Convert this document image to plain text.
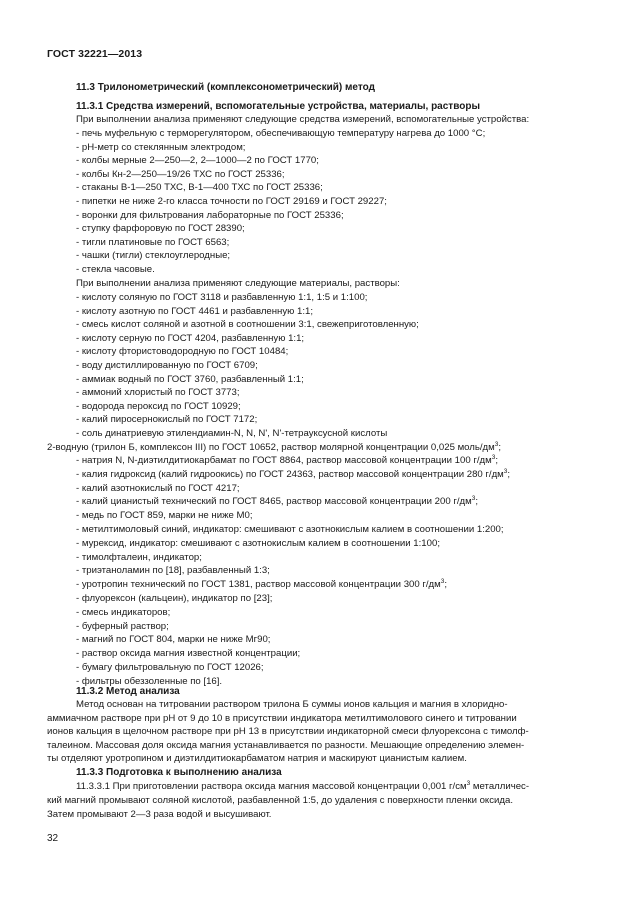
ГОСТ 32221—2013
11.3 Трилонометрический (комплексонометрический) метод
11.3.1 Средства измерений, вспомогательные устройства, материалы, растворы
При выполнении анализа применяют следующие средства измерений, вспомогательные устройства:
- печь муфельную с терморегулятором, обеспечивающую температуру нагрева до 1000 °С;
- рН-метр со стеклянным электродом;
- колбы мерные 2—250—2, 2—1000—2 по ГОСТ 1770;
- колбы Кн-2—250—19/26 ТХС по ГОСТ 25336;
- стаканы В-1—250 ТХС, В-1—400 ТХС по ГОСТ 25336;
- пипетки не ниже 2-го класса точности по ГОСТ 29169 и ГОСТ 29227;
- воронки для фильтрования лабораторные по ГОСТ 25336;
- ступку фарфоровую по ГОСТ 28390;
- тигли платиновые по ГОСТ 6563;
- чашки (тигли) стеклоуглеродные;
- стекла часовые.
При выполнении анализа применяют следующие материалы, растворы:
- кислоту соляную по ГОСТ 3118 и разбавленную 1:1, 1:5 и 1:100;
- кислоту азотную по ГОСТ 4461 и разбавленную 1:1;
- смесь кислот соляной и азотной в соотношении 3:1, свежеприготовленную;
- кислоту серную по ГОСТ 4204, разбавленную 1:1;
- кислоту фтористоводородную по ГОСТ 10484;
- воду дистиллированную по ГОСТ 6709;
- аммиак водный по ГОСТ 3760, разбавленный 1:1;
- аммоний хлористый по ГОСТ 3773;
- водорода пероксид по ГОСТ 10929;
- калий пиросернокислый по ГОСТ 7172;
- соль динатриевую этилендиамин-N, N, N', N'-тетрауксусной кислоты
2-водную (трилон Б, комплексон III) по ГОСТ 10652, раствор молярной концентрации 0,025 моль/$дм^3$;
- натрия N, N-диэтилдитиокарбамат по ГОСТ 8864, раствор массовой концентрации 100 $г/дм^3$;
- калия гидроксид (калий гидроокись) по ГОСТ 24363, раствор массовой концентрации 280 $г/дм^3$;
- калий азотнокислый по ГОСТ 4217;
- калий цианистый технический по ГОСТ 8465, раствор массовой концентрации 200 $г/дм^3$;
- медь по ГОСТ 859, марки не ниже М0;
- метилтимоловый синий, индикатор: смешивают с азотнокислым калием в соотношении 1:200;
- мурексид, индикатор: смешивают с азотнокислым калием в соотношении 1:100;
- тимолфталеин, индикатор;
- триэтаноламин по [18], разбавленный 1:3;
- уротропин технический по ГОСТ 1381, раствор массовой концентрации 300 $г/дм^3$;
- флуорексон (кальцеин), индикатор по [23];
- смесь индикаторов;
- буферный раствор;
- магний по ГОСТ 804, марки не ниже Мг90;
- раствор оксида магния известной концентрации;
- бумагу фильтровальную по ГОСТ 12026;
- фильтры обеззоленные по [16].
11.3.2 Метод анализа
Метод основан на титровании раствором трилона Б суммы ионов кальция и магния в хлоридно-
аммиачном растворе при рН от 9 до 10 в присутствии индикатора метилтимолового синего и титровании
ионов кальция в щелочном растворе при рН 13 в присутствии индикаторной смеси флуорексона с тимолф-
талеином. Массовая доля оксида магния устанавливается по разности. Мешающие определению элемен-
ты отделяют уротропином и диэтилдитиокарбаматом натрия и маскируют цианистым калием.
11.3.3 Подготовка к выполнению анализа
11.3.3.1 При приготовлении раствора оксида магния массовой концентрации 0,001 $г/см^3$ металличес-
кий магний промывают соляной кислотой, разбавленной 1:5, до удаления с поверхности пленки оксида.
Затем промывают 2—3 раза водой и высушивают.
32
